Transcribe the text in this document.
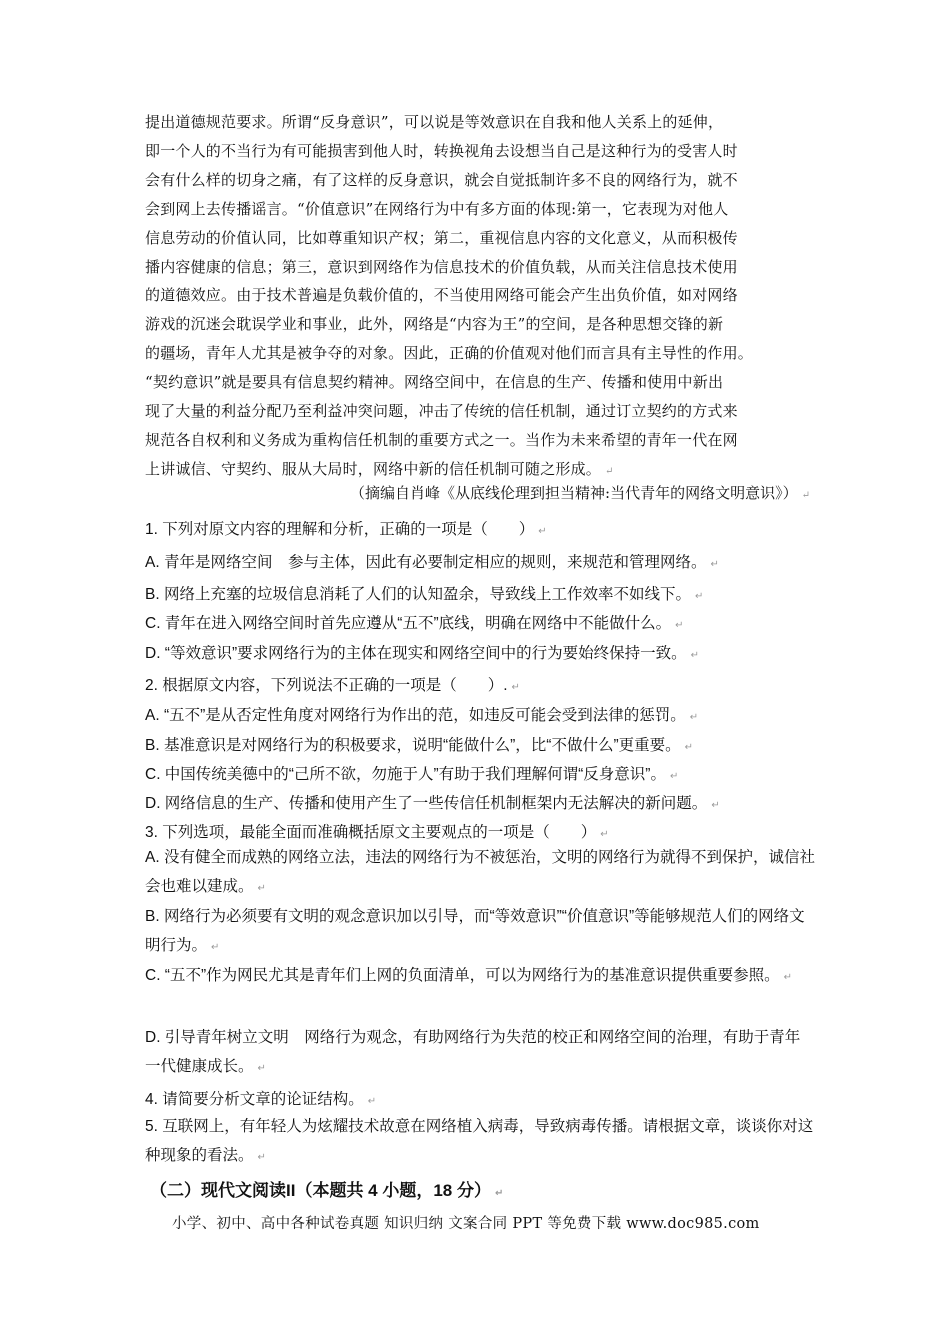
提出道德规范要求。所谓“反身意识”，可以说是等效意识在自我和他人关系上的延伸，
即一个人的不当行为有可能损害到他人时，转换视角去设想当自己是这种行为的受害人时
会有什么样的切身之痛，有了这样的反身意识，就会自觉抵制许多不良的网络行为，就不
会到网上去传播谣言。“价值意识”在网络行为中有多方面的体现:第一，它表现为对他人
信息劳动的价值认同，比如尊重知识产权；第二，重视信息内容的文化意义，从而积极传
播内容健康的信息；第三，意识到网络作为信息技术的价值负载，从而关注信息技术使用
的道德效应。由于技术普遍是负载价值的，不当使用网络可能会产生出负价值，如对网络
游戏的沉迷会耽误学业和事业，此外，网络是“内容为王”的空间，是各种思想交锋的新
的疆场，青年人尤其是被争夺的对象。因此，正确的价值观对他们而言具有主导性的作用。
“契约意识”就是要具有信息契约精神。网络空间中，在信息的生产、传播和使用中新出
现了大量的利益分配乃至利益冲突问题，冲击了传统的信任机制，通过订立契约的方式来
规范各自权利和义务成为重构信任机制的重要方式之一。当作为未来希望的青年一代在网
上讲诚信、守契约、服从大局时，网络中新的信任机制可随之形成。 ↵
（摘编自肖峰《从底线伦理到担当精神:当代青年的网络文明意识》） ↵
1. 下列对原文内容的理解和分析，正确的一项是（　　） ↵
A. 青年是网络空间　参与主体，因此有必要制定相应的规则，来规范和管理网络。 ↵
B. 网络上充塞的垃圾信息消耗了人们的认知盈余，导致线上工作效率不如线下。 ↵
C. 青年在进入网络空间时首先应遵从“五不”底线，明确在网络中不能做什么。 ↵
D. “等效意识”要求网络行为的主体在现实和网络空间中的行为要始终保持一致。 ↵
2. 根据原文内容，下列说法不正确的一项是（　　）. ↵
A. “五不”是从否定性角度对网络行为作出的范，如违反可能会受到法律的惩罚。 ↵
B. 基准意识是对网络行为的积极要求，说明“能做什么”，比“不做什么”更重要。 ↵
C. 中国传统美德中的“己所不欲，勿施于人”有助于我们理解何谓“反身意识”。 ↵
D. 网络信息的生产、传播和使用产生了一些传信任机制框架内无法解决的新问题。 ↵
3. 下列选项，最能全面而准确概括原文主要观点的一项是（　　） ↵
A. 没有健全而成熟的网络立法，违法的网络行为不被惩治，文明的网络行为就得不到保护，诚信社会也难以建成。 ↵
B. 网络行为必须要有文明的观念意识加以引导，而“等效意识”“价值意识”等能够规范人们的网络文明行为。 ↵
C. “五不”作为网民尤其是青年们上网的负面清单，可以为网络行为的基准意识提供重要参照。 ↵
D. 引导青年树立文明　网络行为观念，有助网络行为失范的校正和网络空间的治理，有助于青年一代健康成长。 ↵
4. 请简要分析文章的论证结构。 ↵
5. 互联网上，有年轻人为炫耀技术故意在网络植入病毒，导致病毒传播。请根据文章，谈谈你对这种现象的看法。 ↵
（二）现代文阅读II（本题共 4 小题，18 分） ↵
小学、初中、高中各种试卷真题 知识归纳 文案合同 PPT 等免费下载 www.doc985.com
